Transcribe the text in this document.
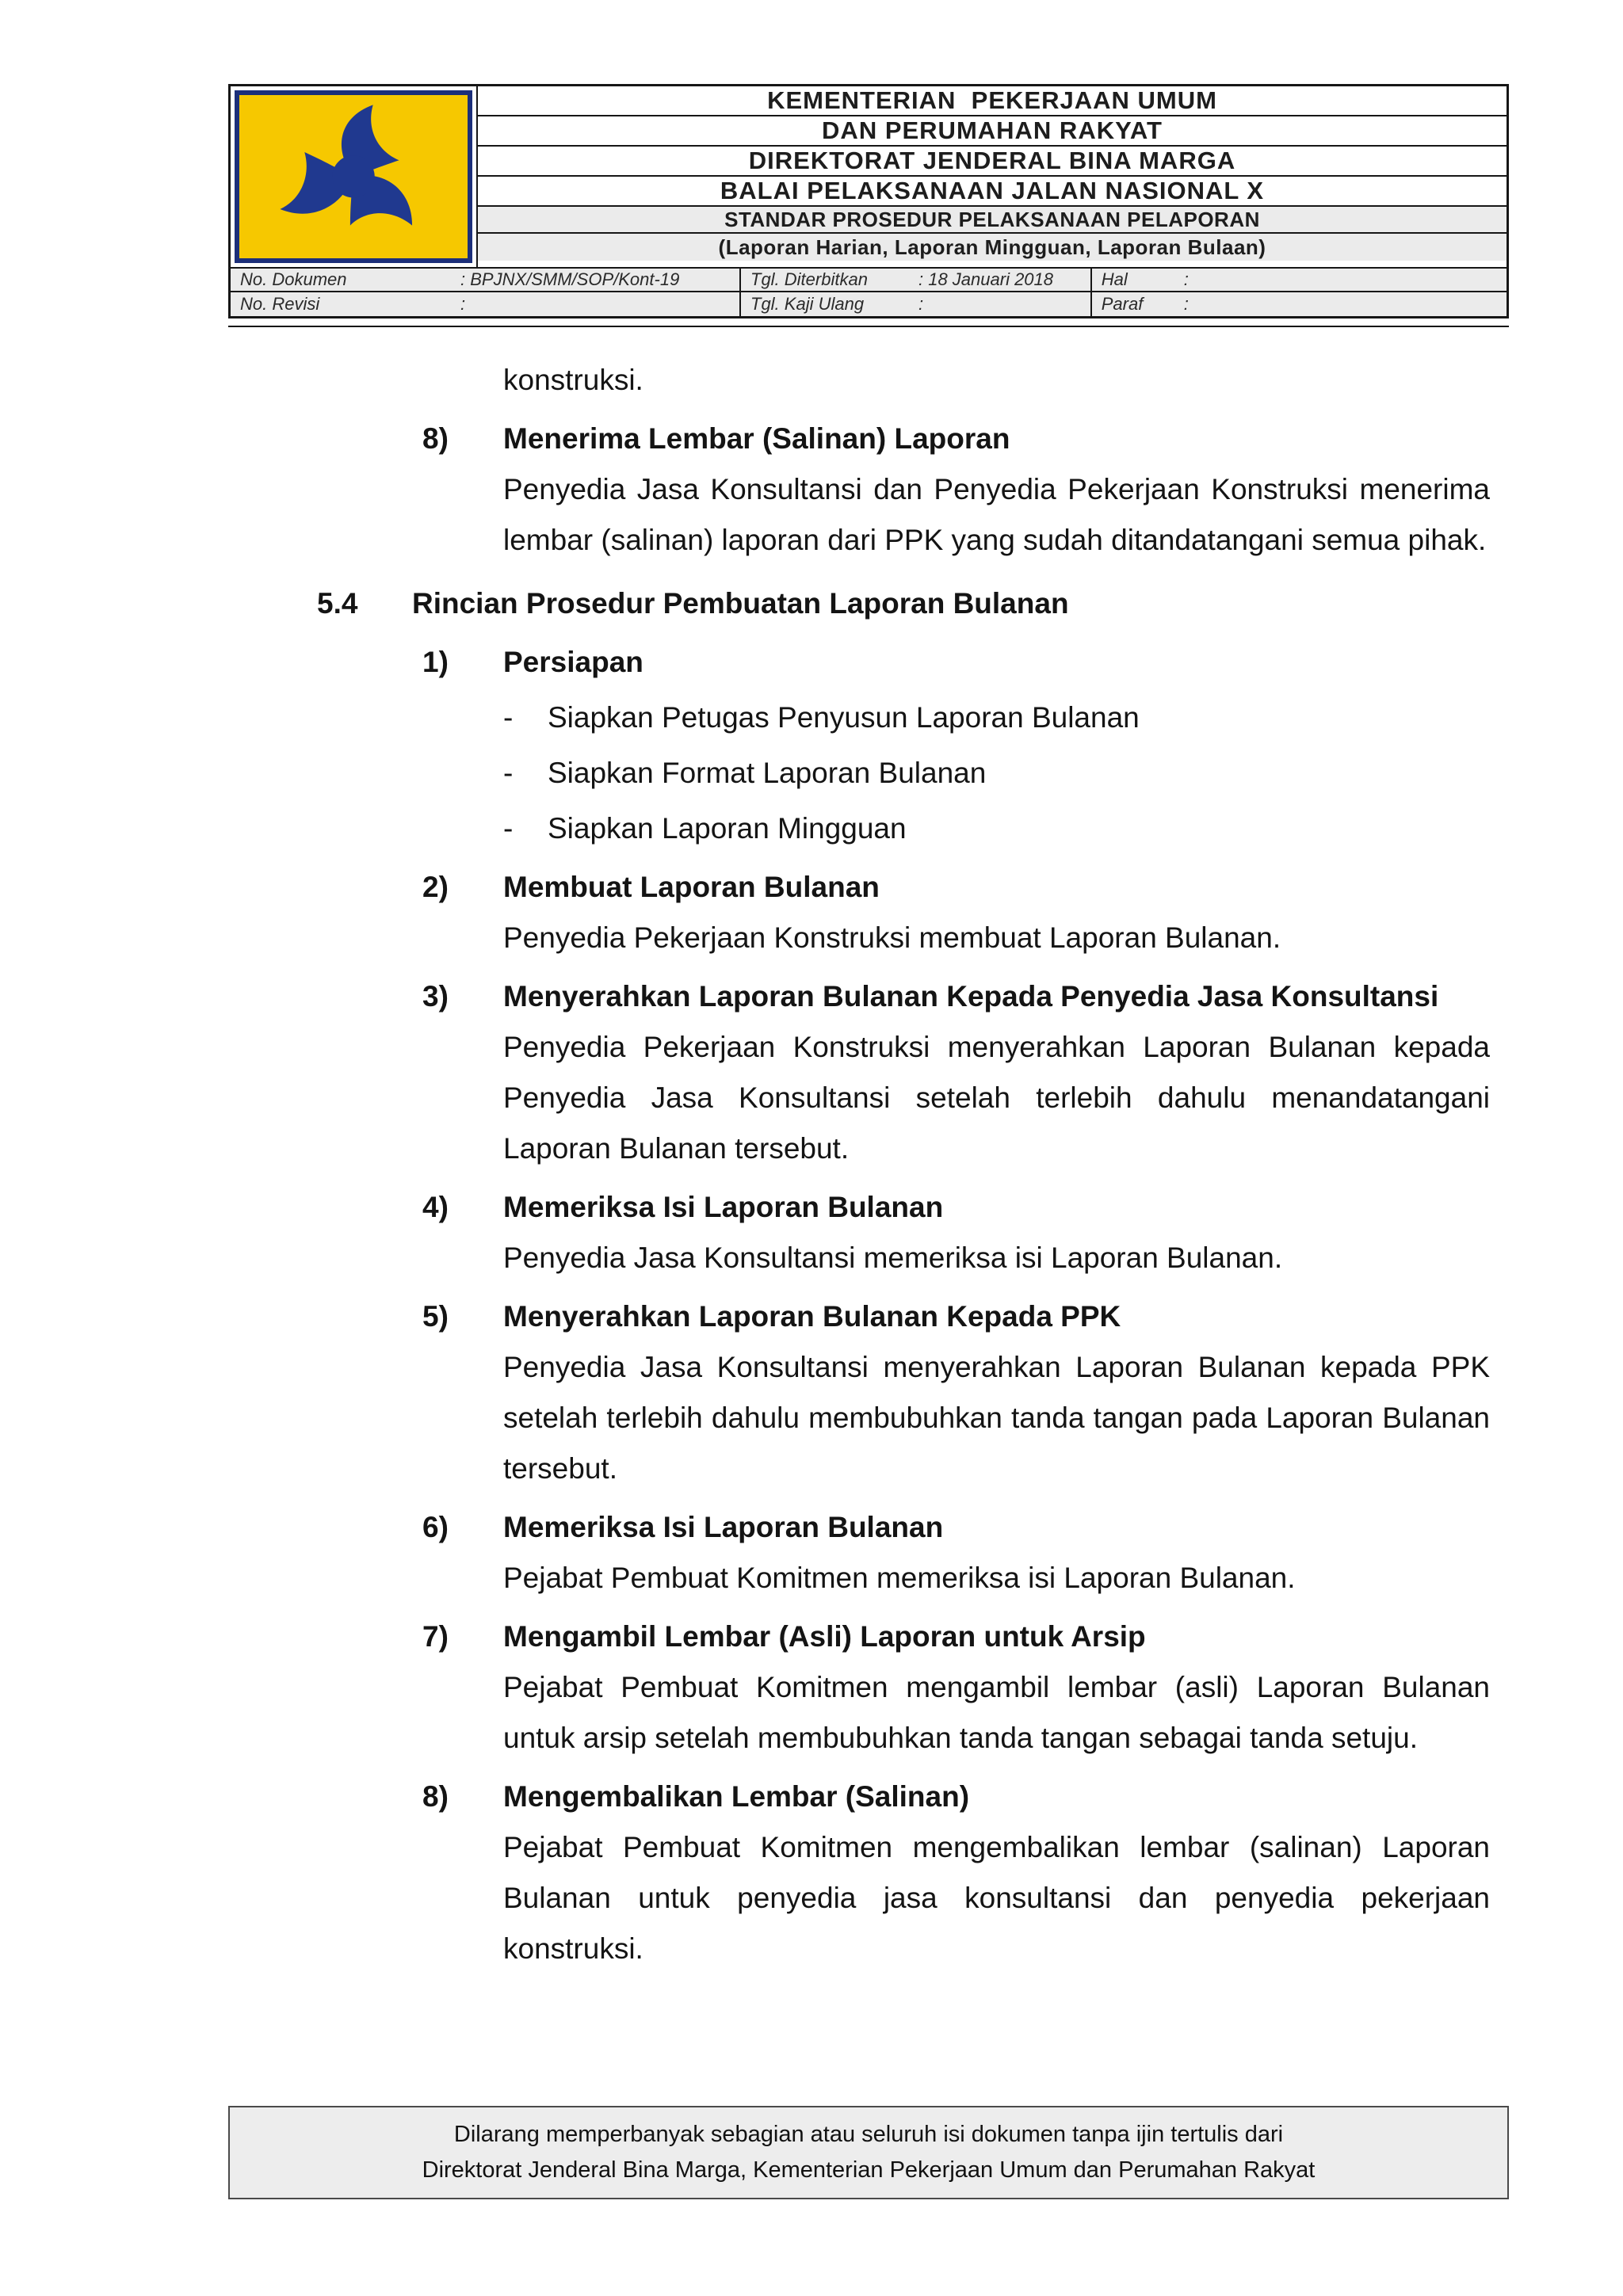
KEMENTERIAN  PEKERJAAN UMUM
DAN PERUMAHAN RAKYAT
DIREKTORAT JENDERAL BINA MARGA
BALAI PELAKSANAAN JALAN NASIONAL X
STANDAR PROSEDUR PELAKSANAAN PELAPORAN
(Laporan Harian, Laporan Mingguan, Laporan Bulaan)
No. Dokumen	: BPJNX/SMM/SOP/Kont-19	Tgl. Diterbitkan	: 18 Januari 2018	Hal	:
No. Revisi	:	Tgl. Kaji Ulang	:	Paraf	:
konstruksi.
8)	Menerima Lembar (Salinan) Laporan

Penyedia Jasa Konsultansi dan Penyedia Pekerjaan Konstruksi menerima lembar (salinan) laporan dari PPK yang sudah ditandatangani semua pihak.

5.4	Rincian Prosedur Pembuatan Laporan Bulanan
1)	Persiapan
-	Siapkan Petugas Penyusun Laporan Bulanan
-	Siapkan Format Laporan Bulanan
-	Siapkan Laporan Mingguan
2)	Membuat Laporan Bulanan

Penyedia Pekerjaan Konstruksi membuat Laporan Bulanan.

3)	Menyerahkan Laporan Bulanan Kepada Penyedia Jasa Konsultansi

Penyedia Pekerjaan Konstruksi menyerahkan Laporan Bulanan kepada Penyedia Jasa Konsultansi setelah terlebih dahulu menandatangani Laporan Bulanan tersebut.

4)	Memeriksa Isi Laporan Bulanan

Penyedia Jasa Konsultansi memeriksa isi Laporan Bulanan.

5)	Menyerahkan Laporan Bulanan Kepada PPK

Penyedia Jasa Konsultansi menyerahkan Laporan Bulanan kepada PPK setelah terlebih dahulu membubuhkan tanda tangan pada Laporan Bulanan tersebut.

6)	Memeriksa Isi Laporan Bulanan

Pejabat Pembuat Komitmen memeriksa isi Laporan Bulanan.

7)	Mengambil Lembar (Asli) Laporan untuk Arsip

Pejabat Pembuat Komitmen mengambil lembar (asli) Laporan Bulanan untuk arsip setelah membubuhkan tanda tangan sebagai tanda setuju.

8)	Mengembalikan Lembar (Salinan)

Pejabat Pembuat Komitmen mengembalikan lembar (salinan) Laporan Bulanan untuk penyedia jasa konsultansi dan penyedia pekerjaan konstruksi.

Dilarang memperbanyak sebagian atau seluruh isi dokumen tanpa ijin tertulis dari
Direktorat Jenderal Bina Marga, Kementerian Pekerjaan Umum dan Perumahan Rakyat
